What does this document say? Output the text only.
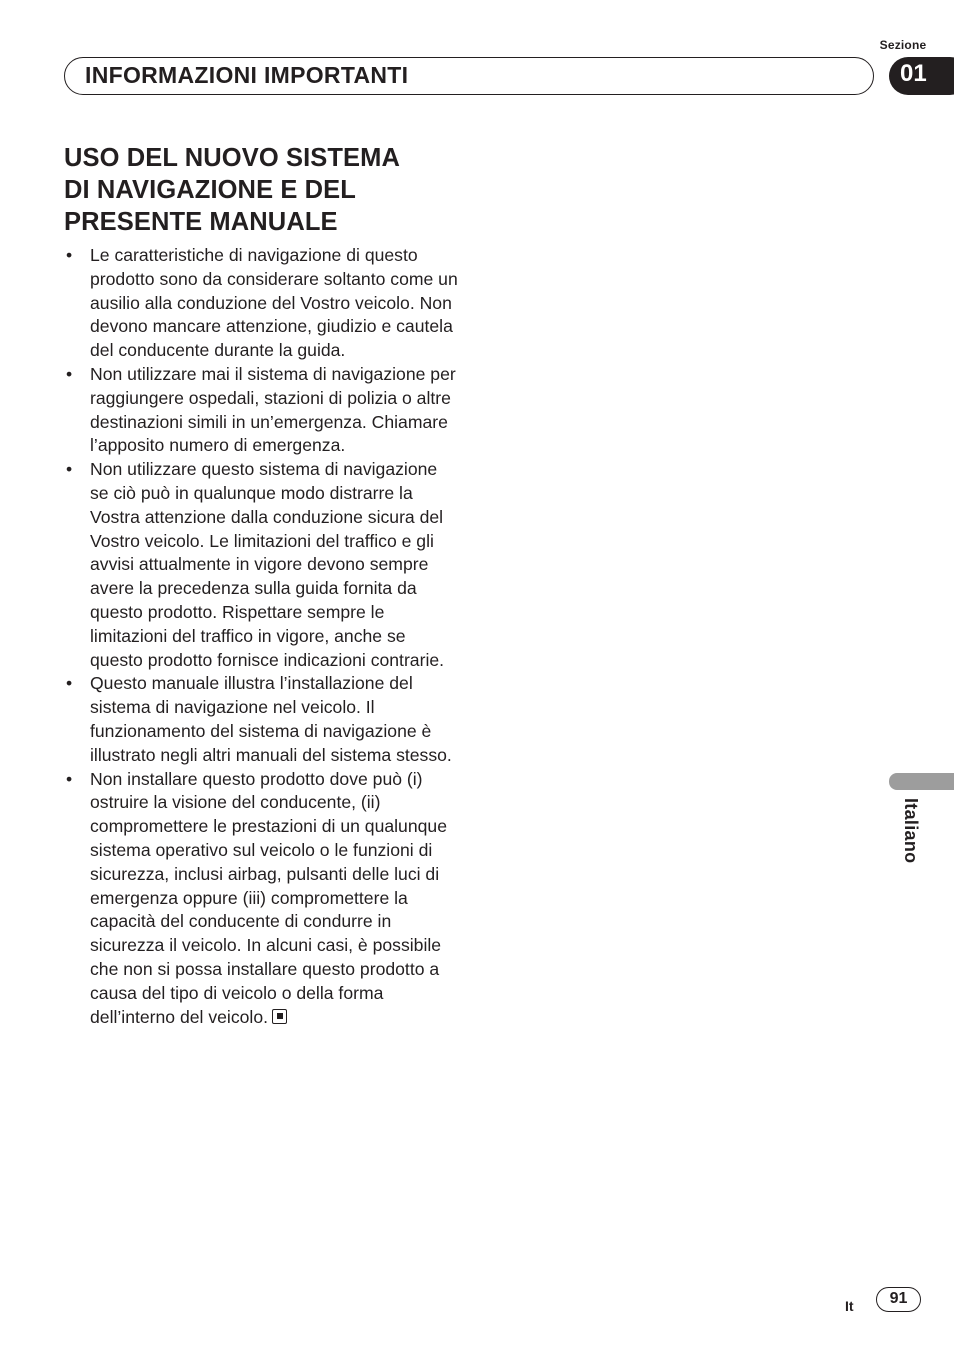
Sezione
INFORMAZIONI IMPORTANTI	01
USO DEL NUOVO SISTEMA
DI NAVIGAZIONE E DEL
PRESENTE MANUALE
• Le caratteristiche di navigazione di questo prodotto sono da considerare soltanto come un ausilio alla conduzione del Vostro veicolo. Non devono mancare attenzione, giudizio e cautela del conducente durante la guida.
• Non utilizzare mai il sistema di navigazione per raggiungere ospedali, stazioni di polizia o altre destinazioni simili in un’emergenza. Chiamare l’apposito numero di emergenza.
• Non utilizzare questo sistema di navigazione se ciò può in qualunque modo distrarre la Vostra attenzione dalla conduzione sicura del Vostro veicolo. Le limitazioni del traffico e gli avvisi attualmente in vigore devono sempre avere la precedenza sulla guida fornita da questo prodotto. Rispettare sempre le limitazioni del traffico in vigore, anche se questo prodotto fornisce indicazioni contrarie.
• Questo manuale illustra l’installazione del sistema di navigazione nel veicolo. Il funzionamento del sistema di navigazione è illustrato negli altri manuali del sistema stesso.
• Non installare questo prodotto dove può (i) ostruire la visione del conducente, (ii) compromettere le prestazioni di un qualunque sistema operativo sul veicolo o le funzioni di sicurezza, inclusi airbag, pulsanti delle luci di emergenza oppure (iii) compromettere la capacità del conducente di condurre in sicurezza il veicolo. In alcuni casi, è possibile che non si possa installare questo prodotto a causa del tipo di veicolo o della forma dell’interno del veicolo.
Italiano
It	91
